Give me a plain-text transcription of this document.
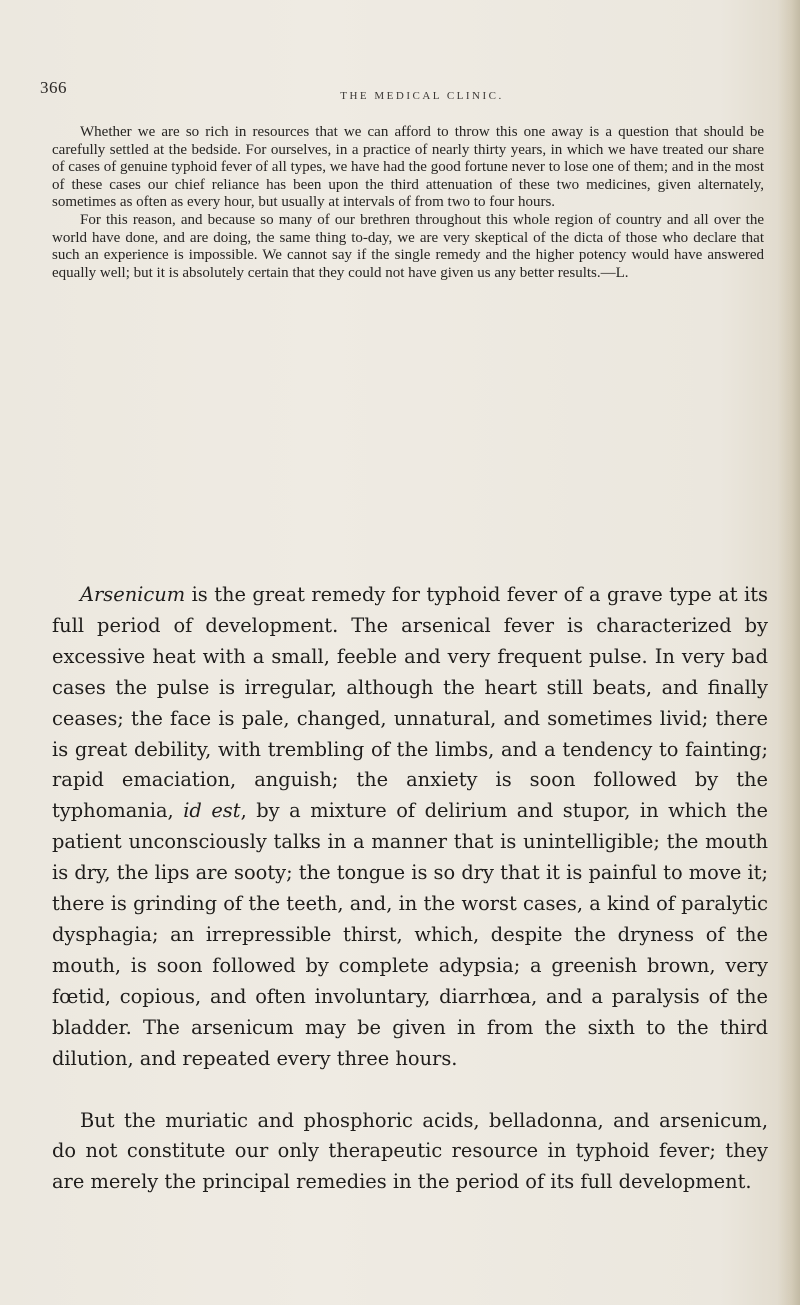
366	THE MEDICAL CLINIC.

Whether we are so rich in resources that we can afford to throw this one away is a question that should be carefully settled at the bedside. For ourselves, in a practice of nearly thirty years, in which we have treated our share of cases of genuine typhoid fever of all types, we have had the good fortune never to lose one of them; and in the most of these cases our chief reliance has been upon the third attenuation of these two medicines, given alternately, sometimes as often as every hour, but usually at intervals of from two to four hours.

For this reason, and because so many of our brethren throughout this whole region of country and all over the world have done, and are doing, the same thing to-day, we are very skeptical of the dicta of those who declare that such an experience is impossible. We cannot say if the single remedy and the higher potency would have answered equally well; but it is absolutely certain that they could not have given us any better results.—L.

Arsenicum is the great remedy for typhoid fever of a grave type at its full period of development. The arsenical fever is characterized by excessive heat with a small, feeble and very frequent pulse. In very bad cases the pulse is irregular, although the heart still beats, and finally ceases; the face is pale, changed, unnatural, and sometimes livid; there is great debility, with trembling of the limbs, and a tendency to fainting; rapid emaciation, anguish; the anxiety is soon followed by the typhomania, id est, by a mixture of delirium and stupor, in which the patient unconsciously talks in a manner that is unintelligible; the mouth is dry, the lips are sooty; the tongue is so dry that it is painful to move it; there is grinding of the teeth, and, in the worst cases, a kind of paralytic dysphagia; an irrepressible thirst, which, despite the dryness of the mouth, is soon followed by complete adypsia; a greenish brown, very fœtid, copious, and often involuntary, diarrhœa, and a paralysis of the bladder. The arsenicum may be given in from the sixth to the third dilution, and repeated every three hours.

But the muriatic and phosphoric acids, belladonna, and arsenicum, do not constitute our only therapeutic resource in typhoid fever; they are merely the principal remedies in the period of its full development.
